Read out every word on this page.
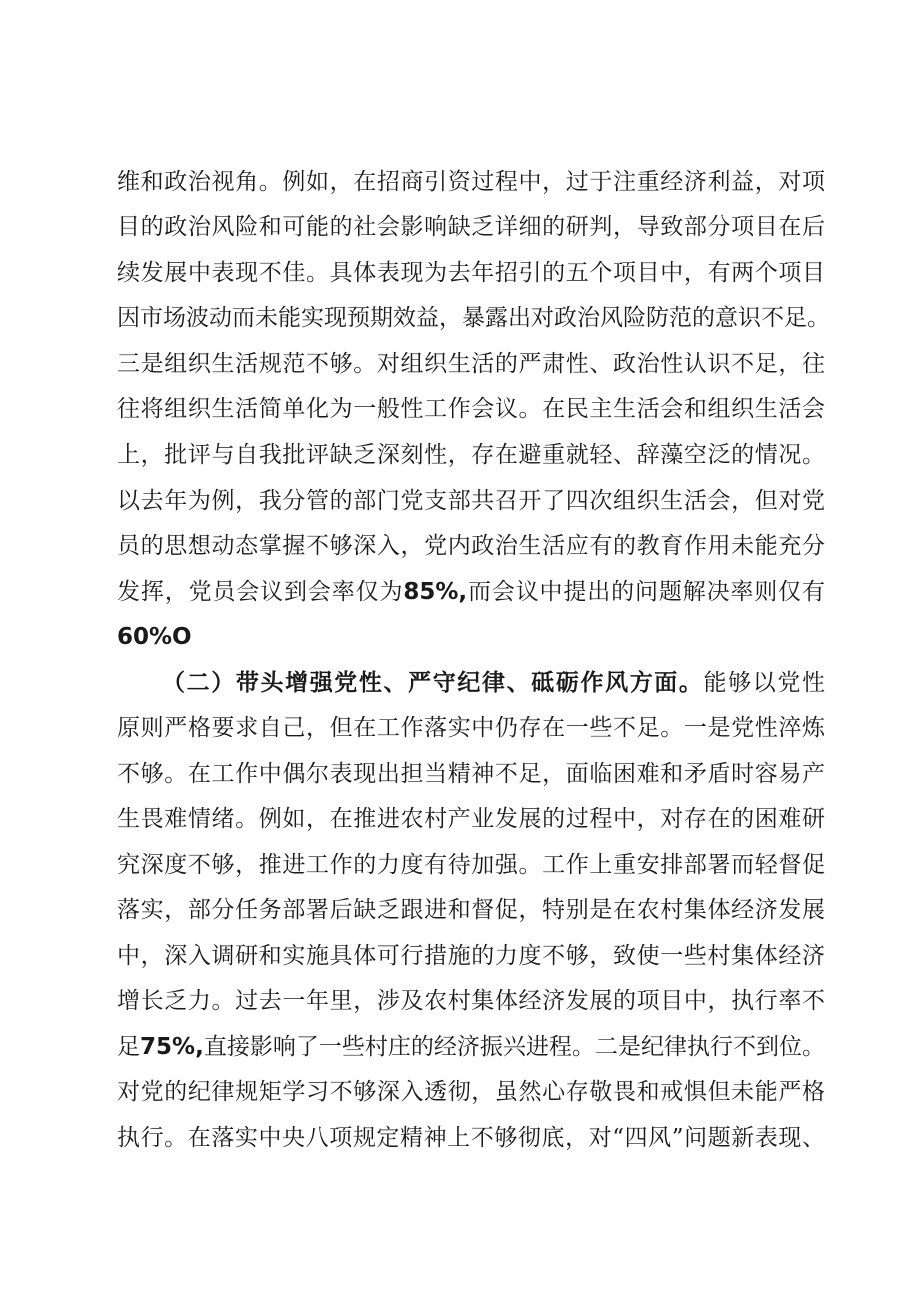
维和政治视角。例如，在招商引资过程中，过于注重经济利益，对项
目的政治风险和可能的社会影响缺乏详细的研判，导致部分项目在后
续发展中表现不佳。具体表现为去年招引的五个项目中，有两个项目
因市场波动而未能实现预期效益，暴露出对政治风险防范的意识不足。
三是组织生活规范不够。对组织生活的严肃性、政治性认识不足，往
往将组织生活简单化为一般性工作会议。在民主生活会和组织生活会
上，批评与自我批评缺乏深刻性，存在避重就轻、辞藻空泛的情况。
以去年为例，我分管的部门党支部共召开了四次组织生活会，但对党
员的思想动态掌握不够深入，党内政治生活应有的教育作用未能充分
发挥，党员会议到会率仅为85%,而会议中提出的问题解决率则仅有
60%O
（二）带头增强党性、严守纪律、砥砺作风方面。能够以党性
原则严格要求自己，但在工作落实中仍存在一些不足。一是党性淬炼
不够。在工作中偶尔表现出担当精神不足，面临困难和矛盾时容易产
生畏难情绪。例如，在推进农村产业发展的过程中，对存在的困难研
究深度不够，推进工作的力度有待加强。工作上重安排部署而轻督促
落实，部分任务部署后缺乏跟进和督促，特别是在农村集体经济发展
中，深入调研和实施具体可行措施的力度不够，致使一些村集体经济
增长乏力。过去一年里，涉及农村集体经济发展的项目中，执行率不
足75%,直接影响了一些村庄的经济振兴进程。二是纪律执行不到位。
对党的纪律规矩学习不够深入透彻，虽然心存敬畏和戒惧但未能严格
执行。在落实中央八项规定精神上不够彻底，对“四风”问题新表现、
